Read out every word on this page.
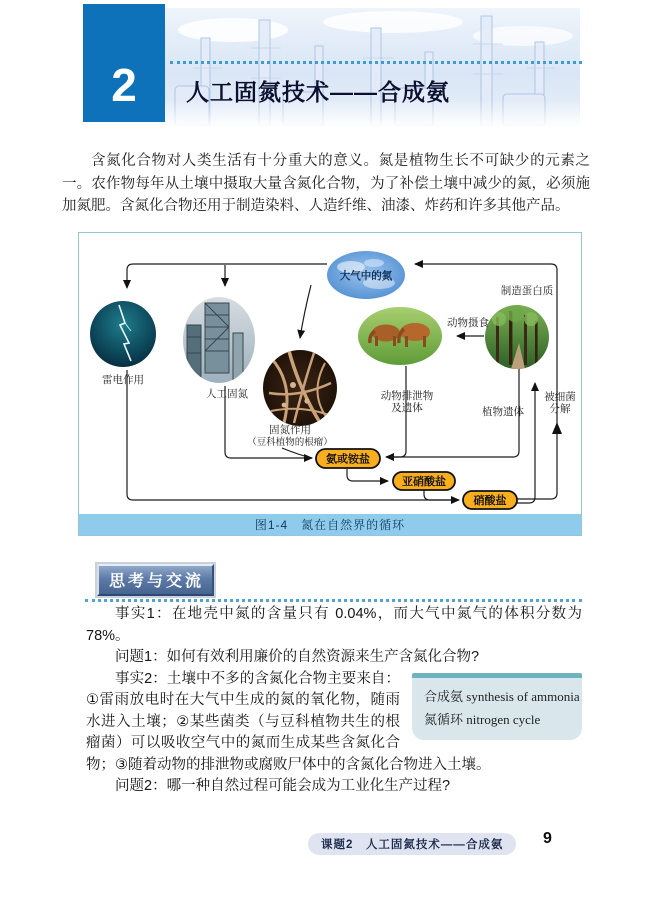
2 人工固氮技术——合成氨

含氮化合物对人类生活有十分重大的意义。氮是植物生长不可缺少的元素之一。农作物每年从土壤中摄取大量含氮化合物，为了补偿土壤中减少的氮，必须施加氮肥。含氮化合物还用于制造染料、人造纤维、油漆、炸药和许多其他产品。

大气中的氮
雷电作用
人工固氮
固氮作用
（豆科植物的根瘤）
动物摄食
制造蛋白质
动物排泄物
及遗体	植物遗体
被细菌
分解
氨或铵盐
亚硝酸盐
硝酸盐
图1-4　氮在自然界的循环
思考与交流

事实1：在地壳中氮的含量只有 0.04%，而大气中氮气的体积分数为 78%。

问题1：如何有效利用廉价的自然资源来生产含氮化合物?

合成氨 synthesis of ammonia
氮循环 nitrogen cycle

事实2：土壤中不多的含氮化合物主要来自：①雷雨放电时在大气中生成的氮的氧化物，随雨水进入土壤；②某些菌类（与豆科植物共生的根瘤菌）可以吸收空气中的氮而生成某些含氮化合物；③随着动物的排泄物或腐败尸体中的含氮化合物进入土壤。

问题2：哪一种自然过程可能会成为工业化生产过程?

课题2　人工固氮技术——合成氨	9
